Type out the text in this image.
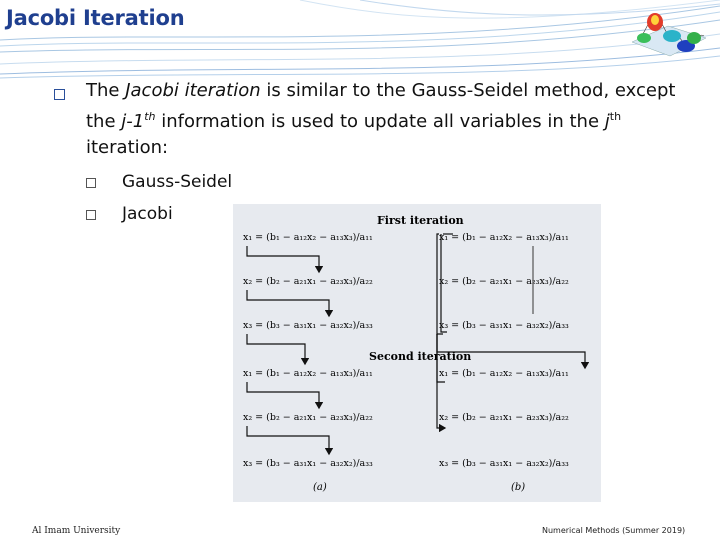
Jacobi Iteration

The Jacobi iteration is similar to the Gauss-Seidel method, except the j-1th information is used to update all variables in the $j^{th}$ iteration:

Gauss-Seidel
Jacobi	First iteration
Second iteration
x₁ = (b₁ − a₁₂x₂ − a₁₃x₃)/a₁₁
x₂ = (b₂ − a₂₁x₁ − a₂₃x₃)/a₂₂
x₃ = (b₃ − a₃₁x₁ − a₃₂x₂)/a₃₃
x₁ = (b₁ − a₁₂x₂ − a₁₃x₃)/a₁₁
x₂ = (b₂ − a₂₁x₁ − a₂₃x₃)/a₂₂
x₃ = (b₃ − a₃₁x₁ − a₃₂x₂)/a₃₃
x₁ = (b₁ − a₁₂x₂ − a₁₃x₃)/a₁₁
x₂ = (b₂ − a₂₁x₁ − a₂₃x₃)/a₂₂
x₃ = (b₃ − a₃₁x₁ − a₃₂x₂)/a₃₃
x₁ = (b₁ − a₁₂x₂ − a₁₃x₃)/a₁₁
x₂ = (b₂ − a₂₁x₁ − a₂₃x₃)/a₂₂
x₃ = (b₃ − a₃₁x₁ − a₃₂x₂)/a₃₃
(a)	(b)
Al Imam University	Numerical Methods (Summer 2019)
